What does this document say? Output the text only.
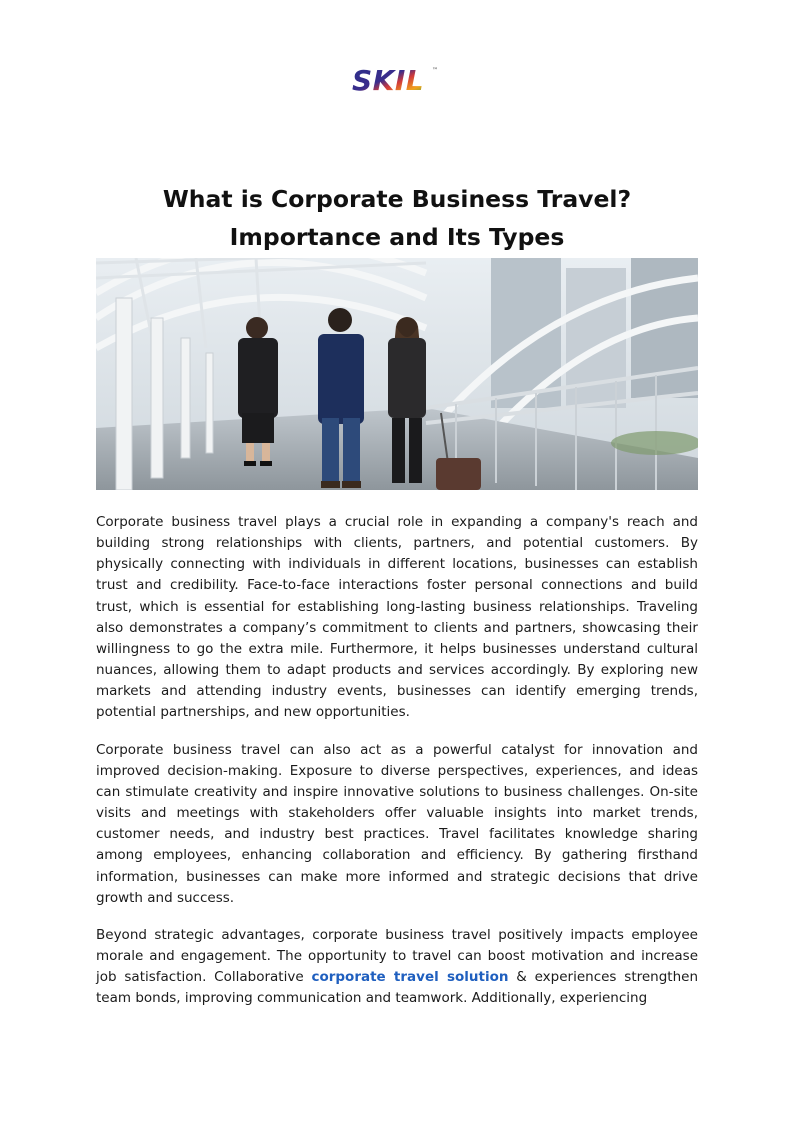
SKIL ™
What is Corporate Business Travel?
Importance and Its Types

Corporate business travel plays a crucial role in expanding a company's reach and building strong relationships with clients, partners, and potential customers. By physically connecting with individuals in different locations, businesses can establish trust and credibility. Face-to-face interactions foster personal connections and build trust, which is essential for establishing long-lasting business relationships. Traveling also demonstrates a company’s commitment to clients and partners, showcasing their willingness to go the extra mile. Furthermore, it helps businesses understand cultural nuances, allowing them to adapt products and services accordingly. By exploring new markets and attending industry events, businesses can identify emerging trends, potential partnerships, and new opportunities.

Corporate business travel can also act as a powerful catalyst for innovation and improved decision-making. Exposure to diverse perspectives, experiences, and ideas can stimulate creativity and inspire innovative solutions to business challenges. On-site visits and meetings with stakeholders offer valuable insights into market trends, customer needs, and industry best practices. Travel facilitates knowledge sharing among employees, enhancing collaboration and efficiency. By gathering firsthand information, businesses can make more informed and strategic decisions that drive growth and success.

Beyond strategic advantages, corporate business travel positively impacts employee morale and engagement. The opportunity to travel can boost motivation and increase job satisfaction. Collaborative corporate travel solution & experiences strengthen team bonds, improving communication and teamwork. Additionally, experiencing
